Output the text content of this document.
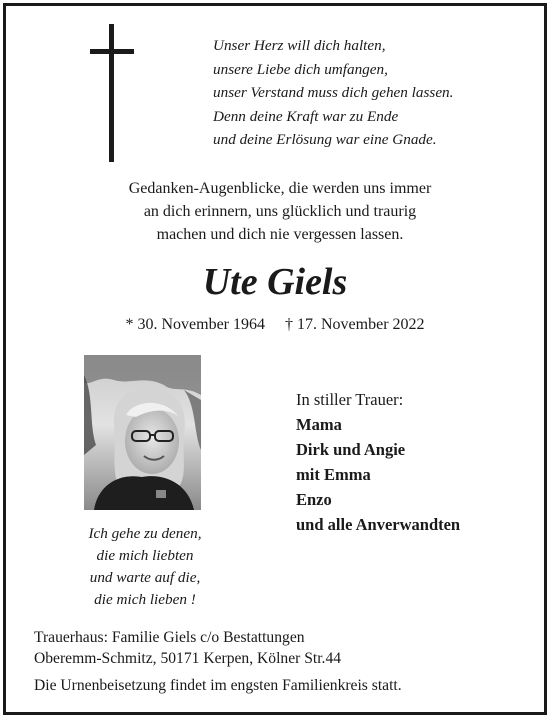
Unser Herz will dich halten,
unsere Liebe dich umfangen,
unser Verstand muss dich gehen lassen.
Denn deine Kraft war zu Ende
und deine Erlösung war eine Gnade.
Gedanken-Augenblicke, die werden uns immer
an dich erinnern, uns glücklich und traurig
machen und dich nie vergessen lassen.
Ute Giels
* 30. November 1964 † 17. November 2022
Ich gehe zu denen,
die mich liebten
und warte auf die,
die mich lieben !
In stiller Trauer:
Mama
Dirk und Angie
mit Emma
Enzo
und alle Anverwandten
Trauerhaus: Familie Giels c/o Bestattungen
Oberemm-Schmitz, 50171 Kerpen, Kölner Str.44
Die Urnenbeisetzung findet im engsten Familienkreis statt.
